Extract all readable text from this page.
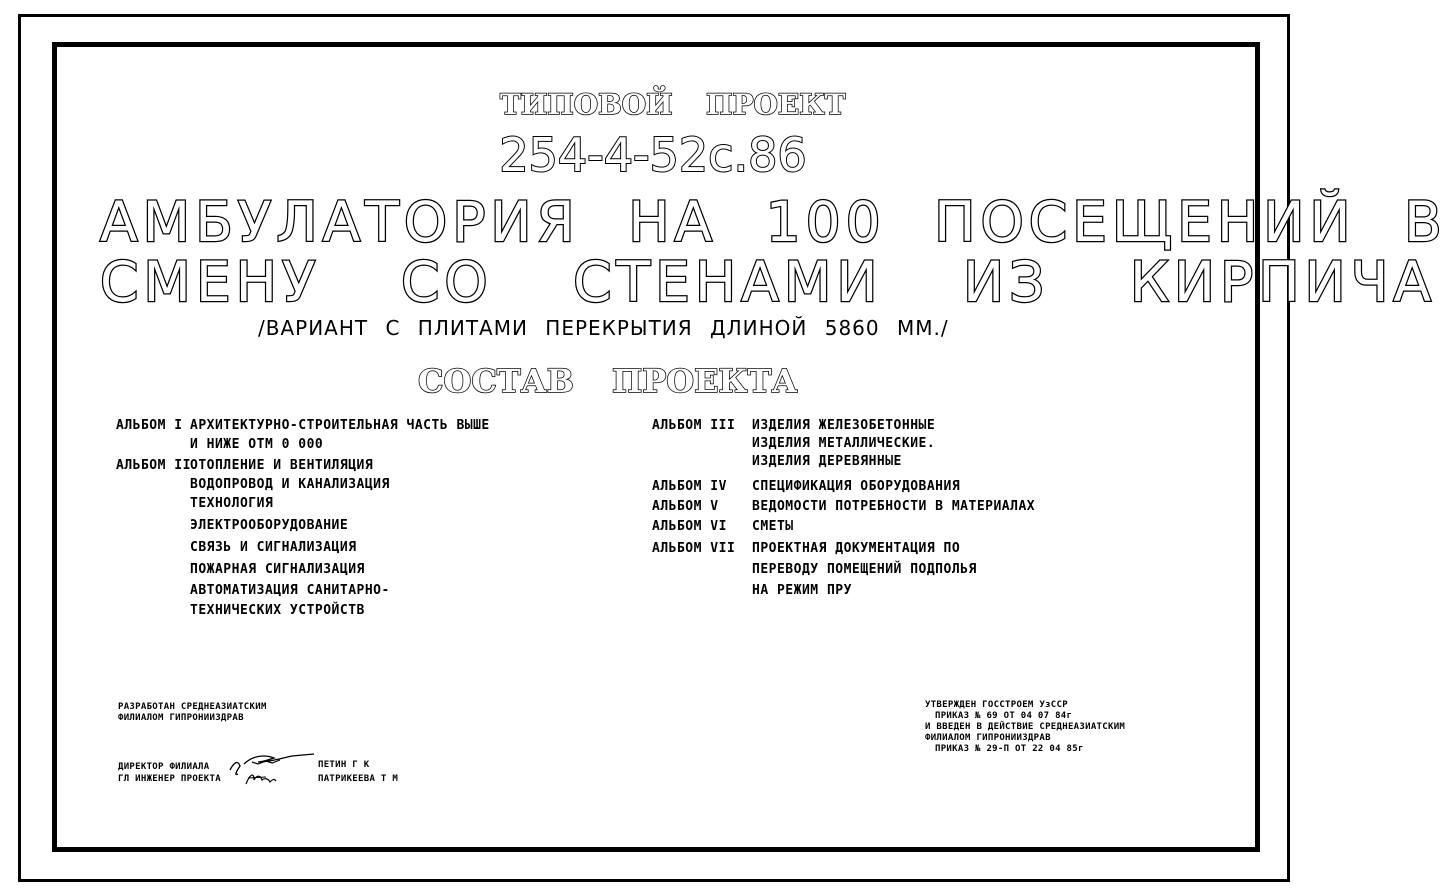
ТИПОВОЙ ПРОЕКТ
254-4-52с.86
АМБУЛАТОРИЯ НА 100 ПОСЕЩЕНИЙ В
СМЕНУ СО СТЕНАМИ ИЗ КИРПИЧА
/ВАРИАНТ С ПЛИТАМИ ПЕРЕКРЫТИЯ ДЛИНОЙ 5860 ММ./
СОСТАВ ПРОЕКТА
АЛЬБОМ I АРХИТЕКТУРНО-СТРОИТЕЛЬНАЯ ЧАСТЬ ВЫШЕ
И НИЖЕ ОТМ 0 000
АЛЬБОМ II ОТОПЛЕНИЕ И ВЕНТИЛЯЦИЯ
ВОДОПРОВОД И КАНАЛИЗАЦИЯ
ТЕХНОЛОГИЯ
ЭЛЕКТРООБОРУДОВАНИЕ
СВЯЗЬ И СИГНАЛИЗАЦИЯ
ПОЖАРНАЯ СИГНАЛИЗАЦИЯ
АВТОМАТИЗАЦИЯ САНИТАРНО-
ТЕХНИЧЕСКИХ УСТРОЙСТВ
АЛЬБОМ III ИЗДЕЛИЯ ЖЕЛЕЗОБЕТОННЫЕ
ИЗДЕЛИЯ МЕТАЛЛИЧЕСКИЕ.
ИЗДЕЛИЯ ДЕРЕВЯННЫЕ
АЛЬБОМ IV СПЕЦИФИКАЦИЯ ОБОРУДОВАНИЯ
АЛЬБОМ V	ВЕДОМОСТИ ПОТРЕБНОСТИ В МАТЕРИАЛАХ
АЛЬБОМ VI СМЕТЫ
АЛЬБОМ VII ПРОЕКТНАЯ ДОКУМЕНТАЦИЯ ПО
ПЕРЕВОДУ ПОМЕЩЕНИЙ ПОДПОЛЬЯ
НА РЕЖИМ ПРУ
РАЗРАБОТАН СРЕДНЕАЗИАТСКИМ
ФИЛИАЛОМ ГИПРОНИИЗДРАВ
ДИРЕКТОР ФИЛИАЛА
ГЛ ИНЖЕНЕР ПРОЕКТА
ПЕТИН Г К
ПАТРИКЕЕВА Т М
УТВЕРЖДЕН ГОССТРОЕМ УзССР
ПРИКАЗ № 69 ОТ 04 07 84г
И ВВЕДЕН В ДЕЙСТВИЕ СРЕДНЕАЗИАТСКИМ
ФИЛИАЛОМ ГИПРОНИИЗДРАВ
ПРИКАЗ № 29-П ОТ 22 04 85г
